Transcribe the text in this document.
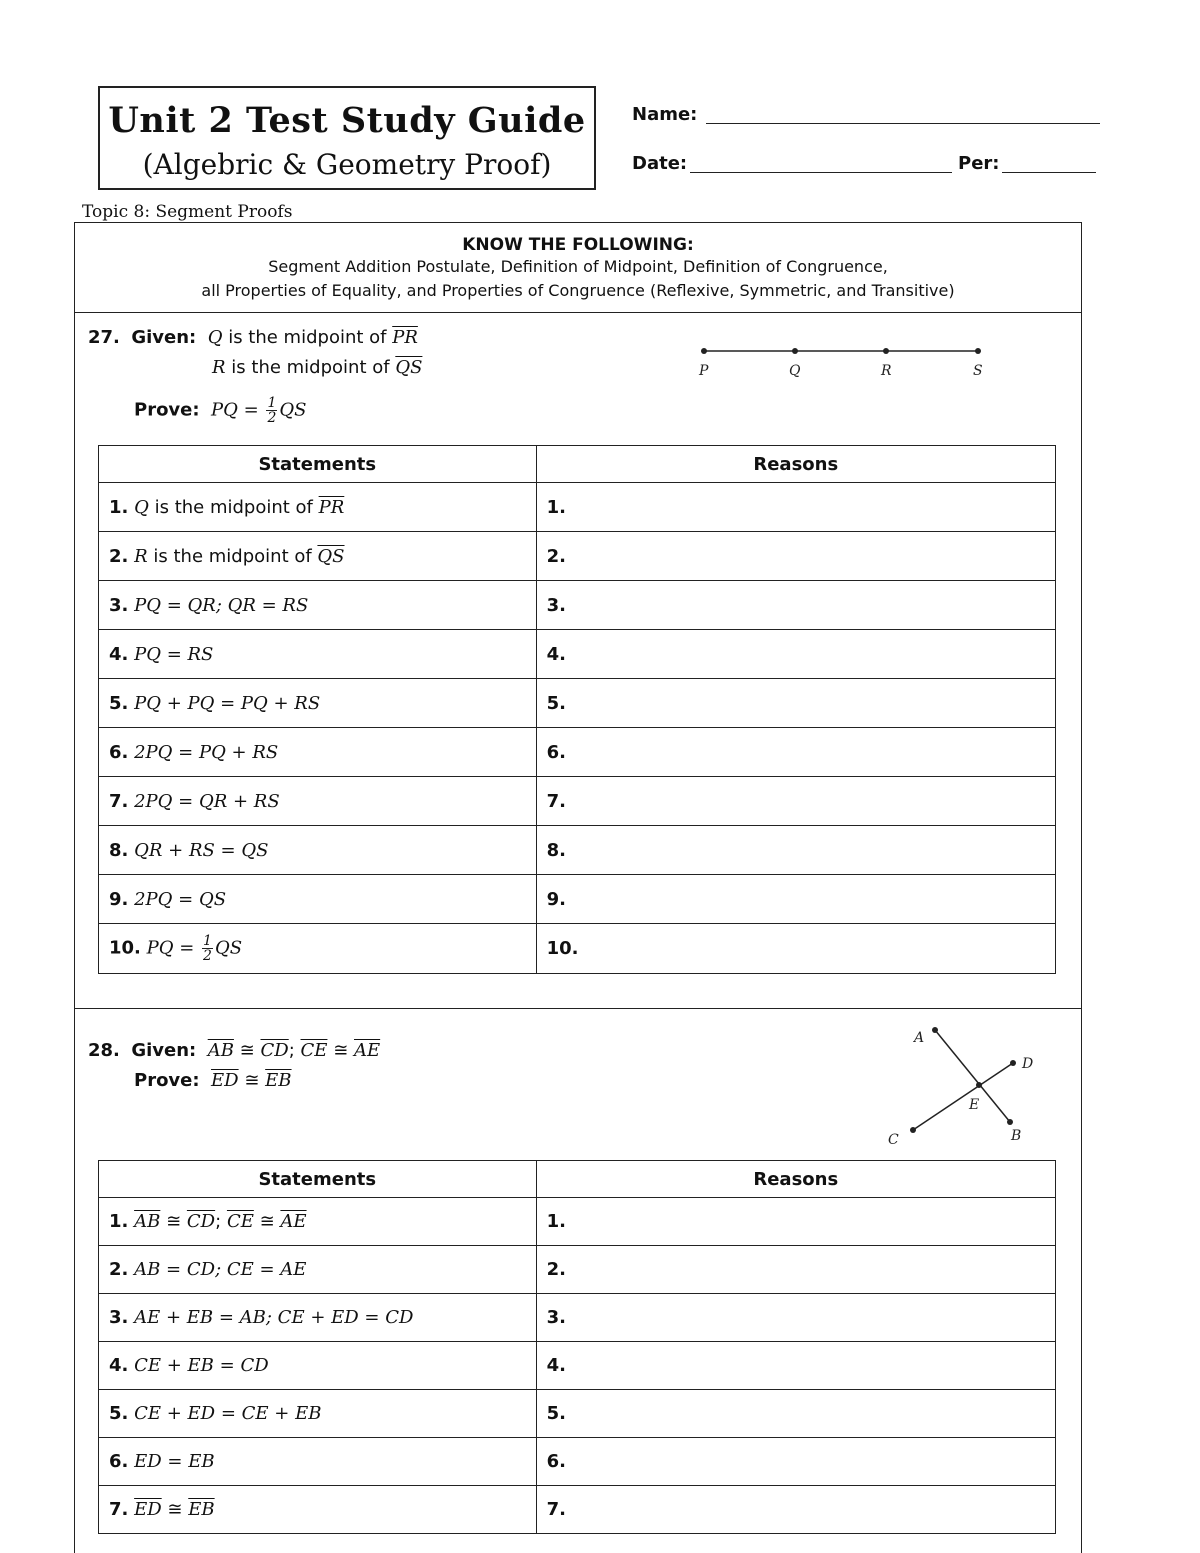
Unit 2 Test Study Guide
(Algebric & Geometry Proof)
Name:
Date:	Per:
Topic 8: Segment Proofs
KNOW THE FOLLOWING:
Segment Addition Postulate, Definition of Midpoint, Definition of Congruence,
all Properties of Equality, and Properties of Congruence (Reflexive, Symmetric, and Transitive)
27. Given: Q is the midpoint of $\overline{PR}$
R is the midpoint of $\overline{QS}$
Prove: PQ = $\frac{1}{2}$ QS
P	Q	R	S
Statements	Reasons
1. Q is the midpoint of $\overline{PR}$	1.
2. R is the midpoint of $\overline{QS}$	2.
3. PQ = QR; QR = RS	3.
4. PQ = RS	4.
5. PQ + PQ = PQ + RS	5.
6. 2PQ = PQ + RS	6.
7. 2PQ = QR + RS	7.
8. QR + RS = QS	8.
9. 2PQ = QS	9.
10. PQ = $\frac{1}{2}$ QS	10.
28. Given: $\overline{AB}$ ≅ $\overline{CD}$; $\overline{CE}$ ≅ $\overline{AE}$
Prove: $\overline{ED}$ ≅ $\overline{EB}$
A
D
E
C	B
Statements	Reasons
1. $\overline{AB}$ ≅ $\overline{CD}$; $\overline{CE}$ ≅ $\overline{AE}$	1.
2. AB = CD; CE = AE	2.
3. AE + EB = AB; CE + ED = CD	3.
4. CE + EB = CD	4.
5. CE + ED = CE + EB	5.
6. ED = EB	6.
7. $\overline{ED}$ ≅ $\overline{EB}$	7.
